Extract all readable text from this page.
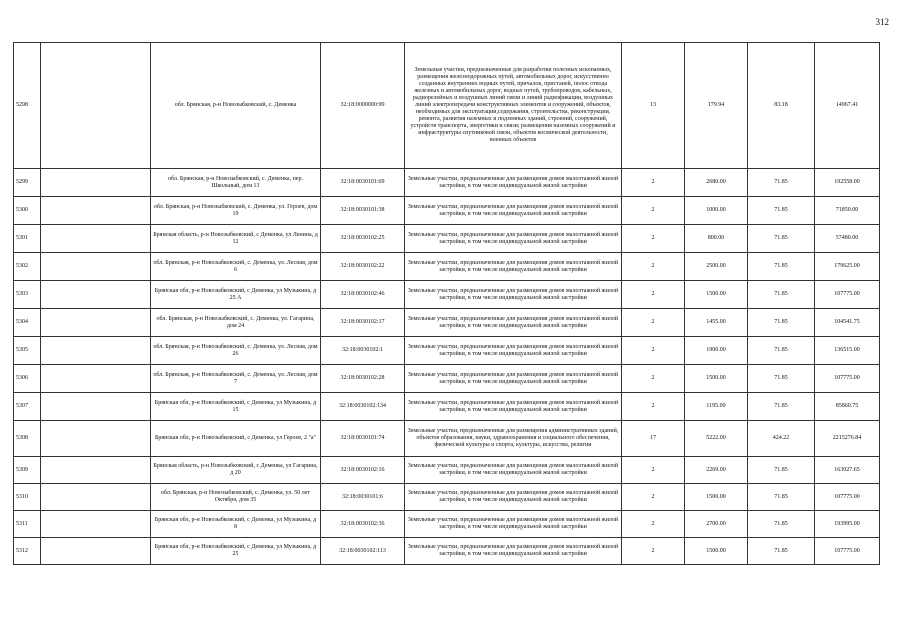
312
5298		обл. Брянская, р-н Новозыбковский, с. Деменка	32:18:0000000:99	Земельные участки, предназначенные для разработки полезных ископаемых, размещения железнодорожных путей, автомобильных дорог, искусственно созданных внутренних водных путей, причалов, пристаней, полос отвода железных и автомобильных дорог, водных путей, трубопроводов, кабельных, радиорелейных и воздушных линий связи и линий радиофикации, воздушных линий электропередачи конструктивных элементов и сооружений, объектов, необходимых для эксплуатации,содержания, строительства, реконструкции, ремонта, развития наземных и подземных зданий, строений, сооружений, устройств транспорта, энергетики и связи; размещения наземных сооружений и инфраструктуры спутниковой связи, объектов космической деятельности, военных объектов	13	179.94	83.18	14967.41
5299		обл. Брянская, р-н Новозыбковский, с. Деменка, пер. Школьный, дом 13	32:18:0030101:69	Земельные участки, предназначенные для размещения домов малоэтажной жилой застройки, в том числе индивидуальной жилой застройки	2	2680.00	71.85	192558.00
5300		обл. Брянская, р-н Новозыбковский, с. Деменка, ул. Героев, дом 19	32:18:0030101:38	Земельные участки, предназначенные для размещения домов малоэтажной жилой застройки, в том числе индивидуальной жилой застройки	2	1000.00	71.85	71850.00
5301		Брянская область, р-н Новозыбковский, с Деменка, ул Ленина, д 12	32:18:0030102:25	Земельные участки, предназначенные для размещения домов малоэтажной жилой застройки, в том числе индивидуальной жилой застройки	2	800.00	71.85	57480.00
5302		обл. Брянская, р-н Новозыбковский, с. Деменка, ул. Лесная, дом 6	32:18:0030102:22	Земельные участки, предназначенные для размещения домов малоэтажной жилой застройки, в том числе индивидуальной жилой застройки	2	2500.00	71.85	179625.00
5303		Брянская обл, р-н Новозыбковский, с Деменка, ул Музыкина, д 25 А	32:18:0030102:46	Земельные участки, предназначенные для размещения домов малоэтажной жилой застройки, в том числе индивидуальной жилой застройки	2	1500.00	71.85	107775.00
5304		обл. Брянская, р-н Новозыбковский, с. Деменка, ул. Гагарина, дом 24	32:18:0030102:17	Земельные участки, предназначенные для размещения домов малоэтажной жилой застройки, в том числе индивидуальной жилой застройки	2	1455.00	71.85	104541.75
5305		обл. Брянская, р-н Новозыбковский, с. Деменка, ул. Лесная, дом 26	32:18:0030102:1	Земельные участки, предназначенные для размещения домов малоэтажной жилой застройки, в том числе индивидуальной жилой застройки	2	1900.00	71.85	136515.00
5306		обл. Брянская, р-н Новозыбковский, с. Деменка, ул. Лесная, дом 7	32:18:0030102:28	Земельные участки, предназначенные для размещения домов малоэтажной жилой застройки, в том числе индивидуальной жилой застройки	2	1500.00	71.85	107775.00
5307		Брянская обл, р-н Новозыбковский, с Деменка, ул Музыкина, д 15	32:18:0030102:134	Земельные участки, предназначенные для размещения домов малоэтажной жилой застройки, в том числе индивидуальной жилой застройки	2	1195.00	71.85	85860.75
5308		Брянская обл, р-н Новозыбковский, с Деменка, ул Героев, 2 "а"	32:18:0030101:74	Земельные участки, предназначенные для размещения административных зданий, объектов образования, науки, здравоохранения и социального обеспечения, физической культуры и спорта, культуры, искусства, религии	17	5222.00	424.22	2215276.84
5309		Брянская область, р-н Новозыбковский, с Деменка, ул Гагарина, д 20	32:18:0030102:16	Земельные участки, предназначенные для размещения домов малоэтажной жилой застройки, в том числе индивидуальной жилой застройки	2	2269.00	71.85	163027.65
5310		обл. Брянская, р-н Новозыбковский, с. Деменка, ул. 50 лет Октября, дом 35	32:18:0030101:6	Земельные участки, предназначенные для размещения домов малоэтажной жилой застройки, в том числе индивидуальной жилой застройки	2	1500.00	71.85	107775.00
5311		Брянская обл, р-н Новозыбковский, с Деменка, ул Музыкина, д 8	32:18:0030102:36	Земельные участки, предназначенные для размещения домов малоэтажной жилой застройки, в том числе индивидуальной жилой застройки	2	2700.00	71.85	193995.00
5312		Брянская обл, р-н Новозыбковский, с Деменка, ул Музыкина, д 25	32:18:0030102:113	Земельные участки, предназначенные для размещения домов малоэтажной жилой застройки, в том числе индивидуальной жилой застройки	2	1500.00	71.85	107775.00
